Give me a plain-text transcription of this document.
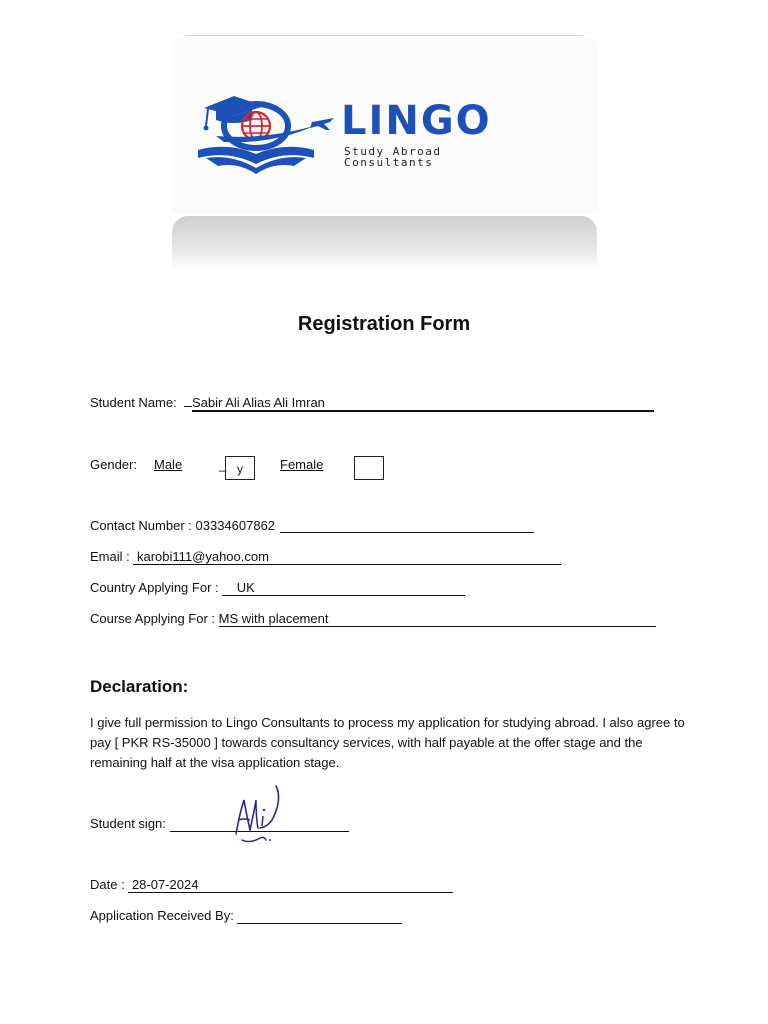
LINGO
Study Abroad
Consultants
Registration Form
Student Name: Sabir Ali Alias Ali Imran
Gender: Male	_ y	Female
Contact Number : 03334607862
Email : karobi111@yahoo.com
Country Applying For : UK
Course Applying For : MS with placement
Declaration:
I give full permission to Lingo Consultants to process my application for studying abroad. I also agree to pay [ PKR RS-35000 ] towards consultancy services, with half payable at the offer stage and the remaining half at the visa application stage.
Student sign:
Date : 28-07-2024
Application Received By:
